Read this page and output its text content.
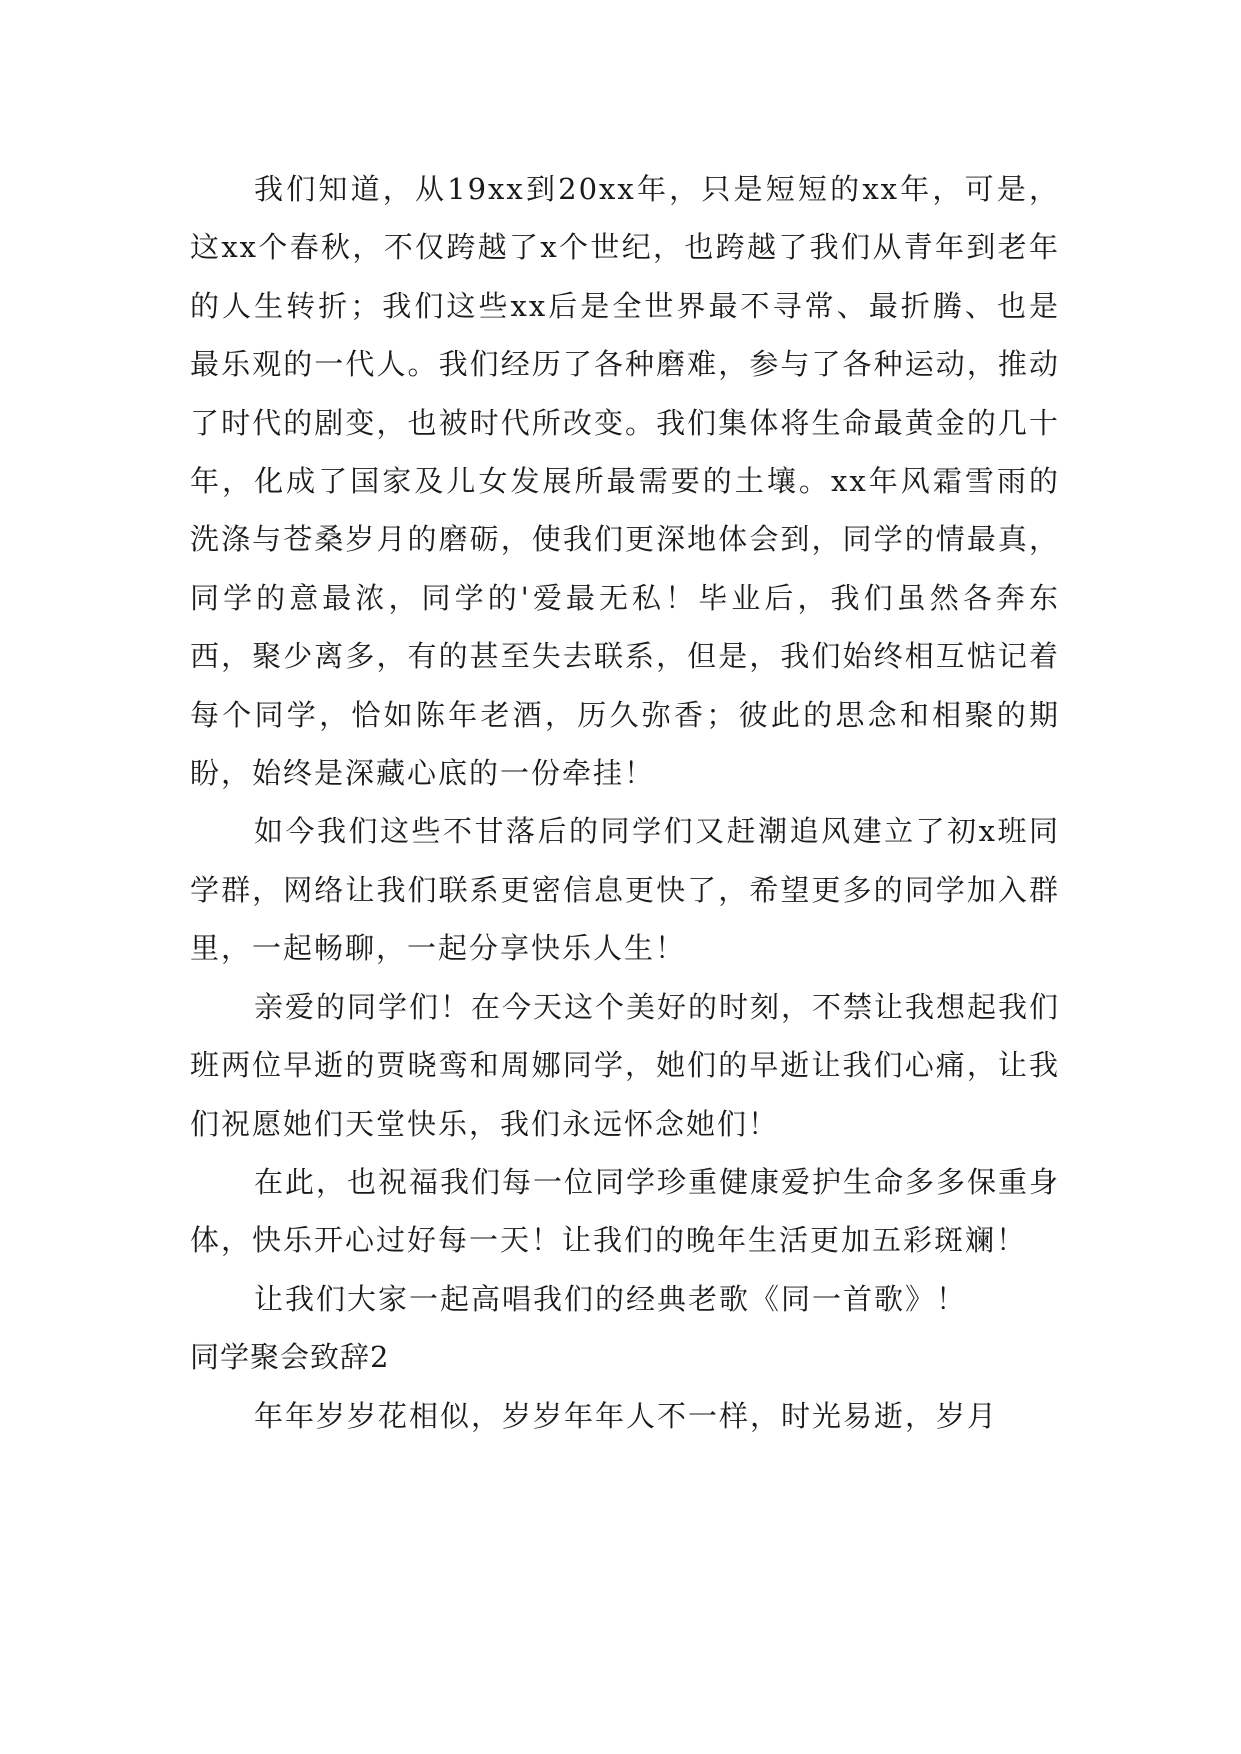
我们知道，从19xx到20xx年，只是短短的xx年，可是，这xx个春秋，不仅跨越了x个世纪，也跨越了我们从青年到老年的人生转折；我们这些xx后是全世界最不寻常、最折腾、也是最乐观的一代人。我们经历了各种磨难，参与了各种运动，推动了时代的剧变，也被时代所改变。我们集体将生命最黄金的几十年，化成了国家及儿女发展所最需要的土壤。xx年风霜雪雨的洗涤与苍桑岁月的磨砺，使我们更深地体会到，同学的情最真，同学的意最浓，同学的'爱最无私！毕业后，我们虽然各奔东西，聚少离多，有的甚至失去联系，但是，我们始终相互惦记着每个同学，恰如陈年老酒，历久弥香；彼此的思念和相聚的期盼，始终是深藏心底的一份牵挂！

如今我们这些不甘落后的同学们又赶潮追风建立了初x班同学群，网络让我们联系更密信息更快了，希望更多的同学加入群里，一起畅聊，一起分享快乐人生！

亲爱的同学们！在今天这个美好的时刻，不禁让我想起我们班两位早逝的贾晓鸾和周娜同学，她们的早逝让我们心痛，让我们祝愿她们天堂快乐，我们永远怀念她们！

在此，也祝福我们每一位同学珍重健康爱护生命多多保重身体，快乐开心过好每一天！让我们的晚年生活更加五彩斑斓！

让我们大家一起高唱我们的经典老歌《同一首歌》！

同学聚会致辞2

年年岁岁花相似，岁岁年年人不一样，时光易逝，岁月
